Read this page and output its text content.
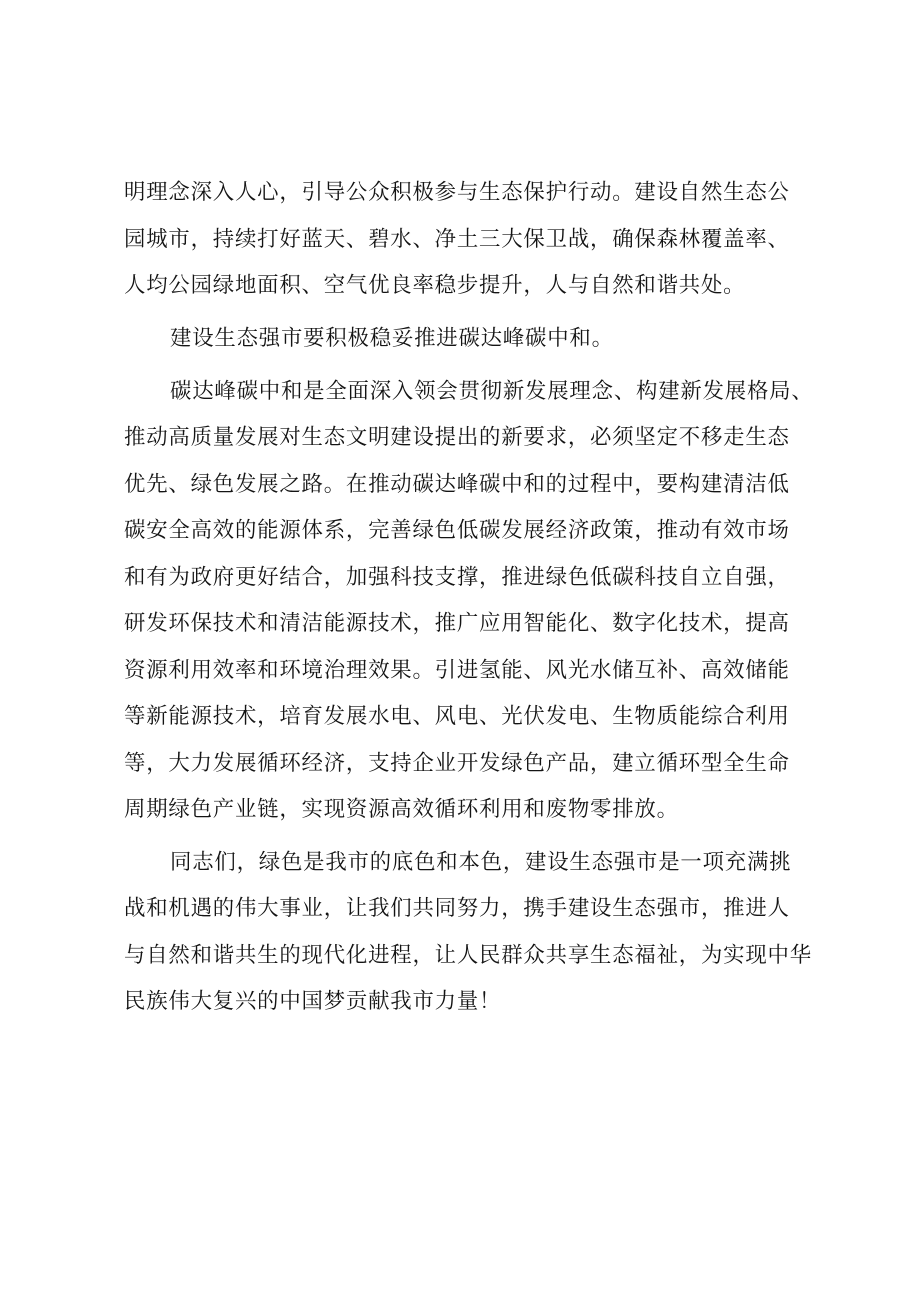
明理念深入人心，引导公众积极参与生态保护行动。建设自然生态公
园城市，持续打好蓝天、碧水、净土三大保卫战，确保森林覆盖率、
人均公园绿地面积、空气优良率稳步提升，人与自然和谐共处。
建设生态强市要积极稳妥推进碳达峰碳中和。
碳达峰碳中和是全面深入领会贯彻新发展理念、构建新发展格局、
推动高质量发展对生态文明建设提出的新要求，必须坚定不移走生态
优先、绿色发展之路。在推动碳达峰碳中和的过程中，要构建清洁低
碳安全高效的能源体系，完善绿色低碳发展经济政策，推动有效市场
和有为政府更好结合，加强科技支撑，推进绿色低碳科技自立自强，
研发环保技术和清洁能源技术，推广应用智能化、数字化技术，提高
资源利用效率和环境治理效果。引进氢能、风光水储互补、高效储能
等新能源技术，培育发展水电、风电、光伏发电、生物质能综合利用
等，大力发展循环经济，支持企业开发绿色产品，建立循环型全生命
周期绿色产业链，实现资源高效循环利用和废物零排放。
同志们，绿色是我市的底色和本色，建设生态强市是一项充满挑
战和机遇的伟大事业，让我们共同努力，携手建设生态强市，推进人
与自然和谐共生的现代化进程，让人民群众共享生态福祉，为实现中华
民族伟大复兴的中国梦贡献我市力量！
